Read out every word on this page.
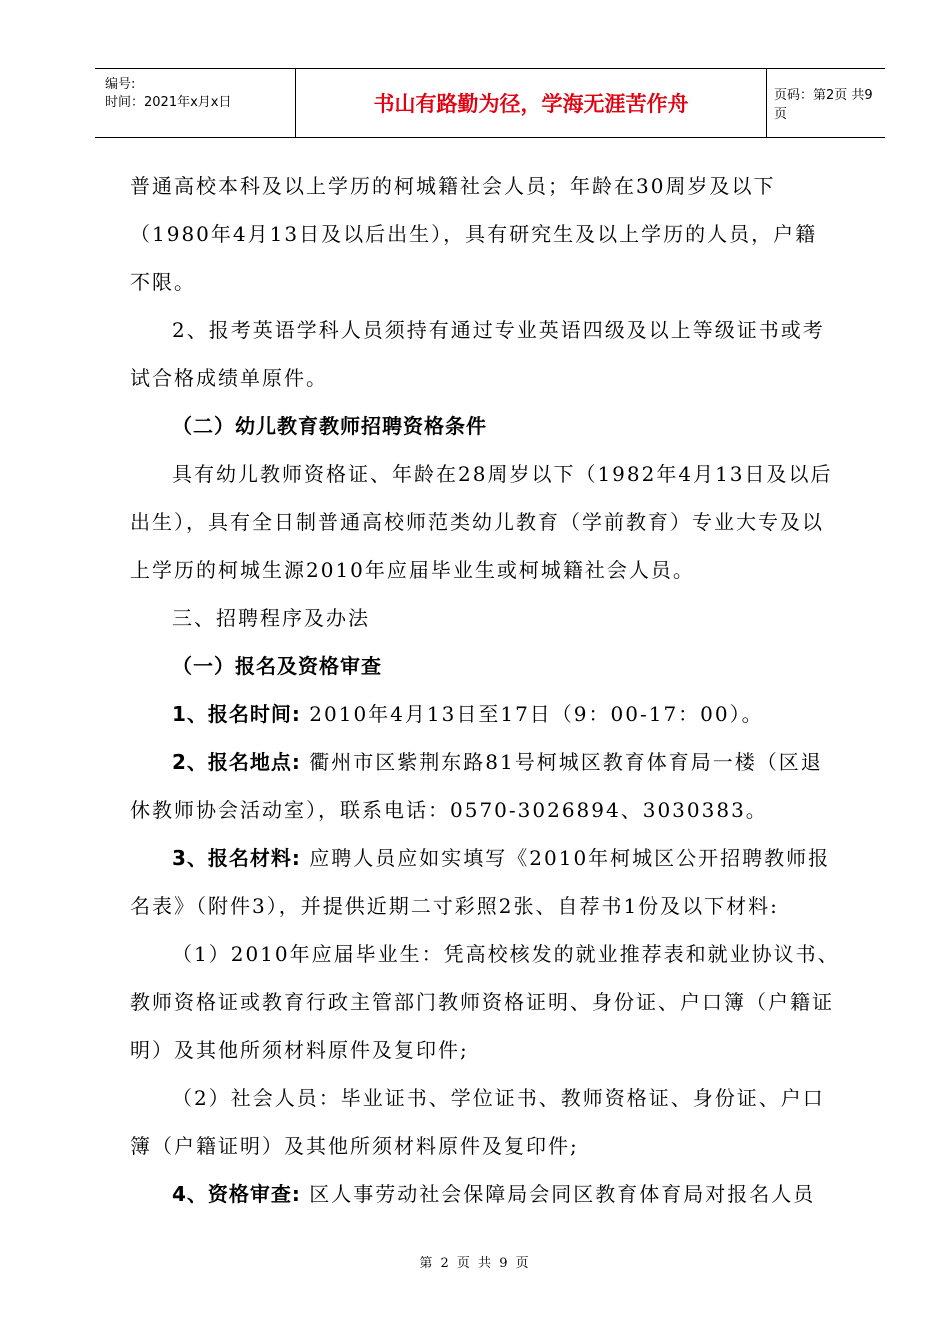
编号:
时间：2021年x月x日	书山有路勤为径，学海无涯苦作舟	页码：第2页 共9页
普通高校本科及以上学历的柯城籍社会人员；年龄在30周岁及以下
（1980年4月13日及以后出生），具有研究生及以上学历的人员，户籍
不限。
2、报考英语学科人员须持有通过专业英语四级及以上等级证书或考
试合格成绩单原件。
（二）幼儿教育教师招聘资格条件
具有幼儿教师资格证、年龄在28周岁以下（1982年4月13日及以后
出生），具有全日制普通高校师范类幼儿教育（学前教育）专业大专及以
上学历的柯城生源2010年应届毕业生或柯城籍社会人员。
三、招聘程序及办法
（一）报名及资格审查
1、报名时间: 2010年4月13日至17日（9：00-17：00）。
2、报名地点: 衢州市区紫荆东路81号柯城区教育体育局一楼（区退
休教师协会活动室），联系电话：0570-3026894、3030383。
3、报名材料: 应聘人员应如实填写《2010年柯城区公开招聘教师报
名表》（附件3），并提供近期二寸彩照2张、自荐书1份及以下材料:
（1）2010年应届毕业生：凭高校核发的就业推荐表和就业协议书、
教师资格证或教育行政主管部门教师资格证明、身份证、户口簿（户籍证
明）及其他所须材料原件及复印件;
（2）社会人员：毕业证书、学位证书、教师资格证、身份证、户口
簿（户籍证明）及其他所须材料原件及复印件;
4、资格审查: 区人事劳动社会保障局会同区教育体育局对报名人员
第 2 页 共 9 页
